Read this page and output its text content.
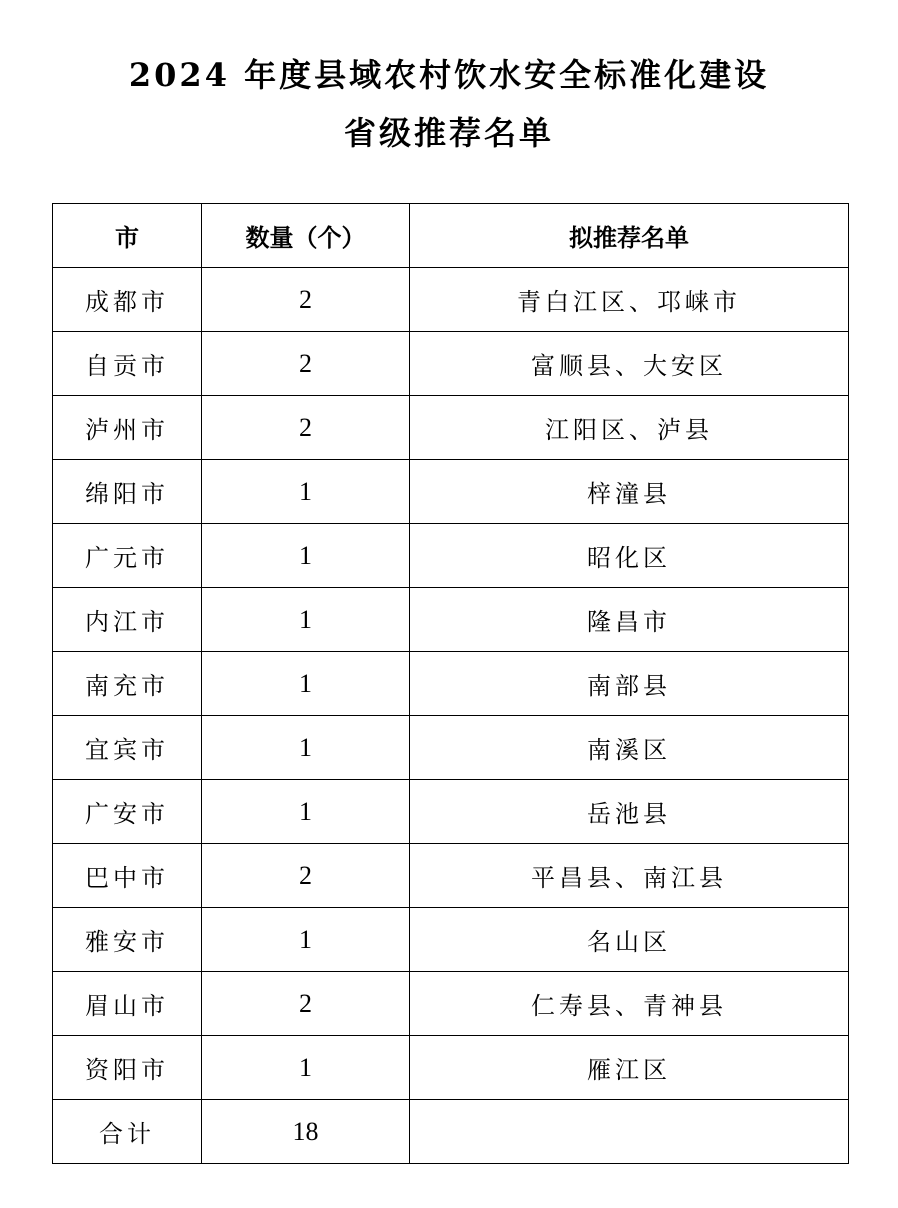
2024 年度县域农村饮水安全标准化建设
省级推荐名单
市	数量（个）	拟推荐名单
成都市	2	青白江区、邛崃市
自贡市	2	富顺县、大安区
泸州市	2	江阳区、泸县
绵阳市	1	梓潼县
广元市	1	昭化区
内江市	1	隆昌市
南充市	1	南部县
宜宾市	1	南溪区
广安市	1	岳池县
巴中市	2	平昌县、南江县
雅安市	1	名山区
眉山市	2	仁寿县、青神县
资阳市	1	雁江区
合计	18	
